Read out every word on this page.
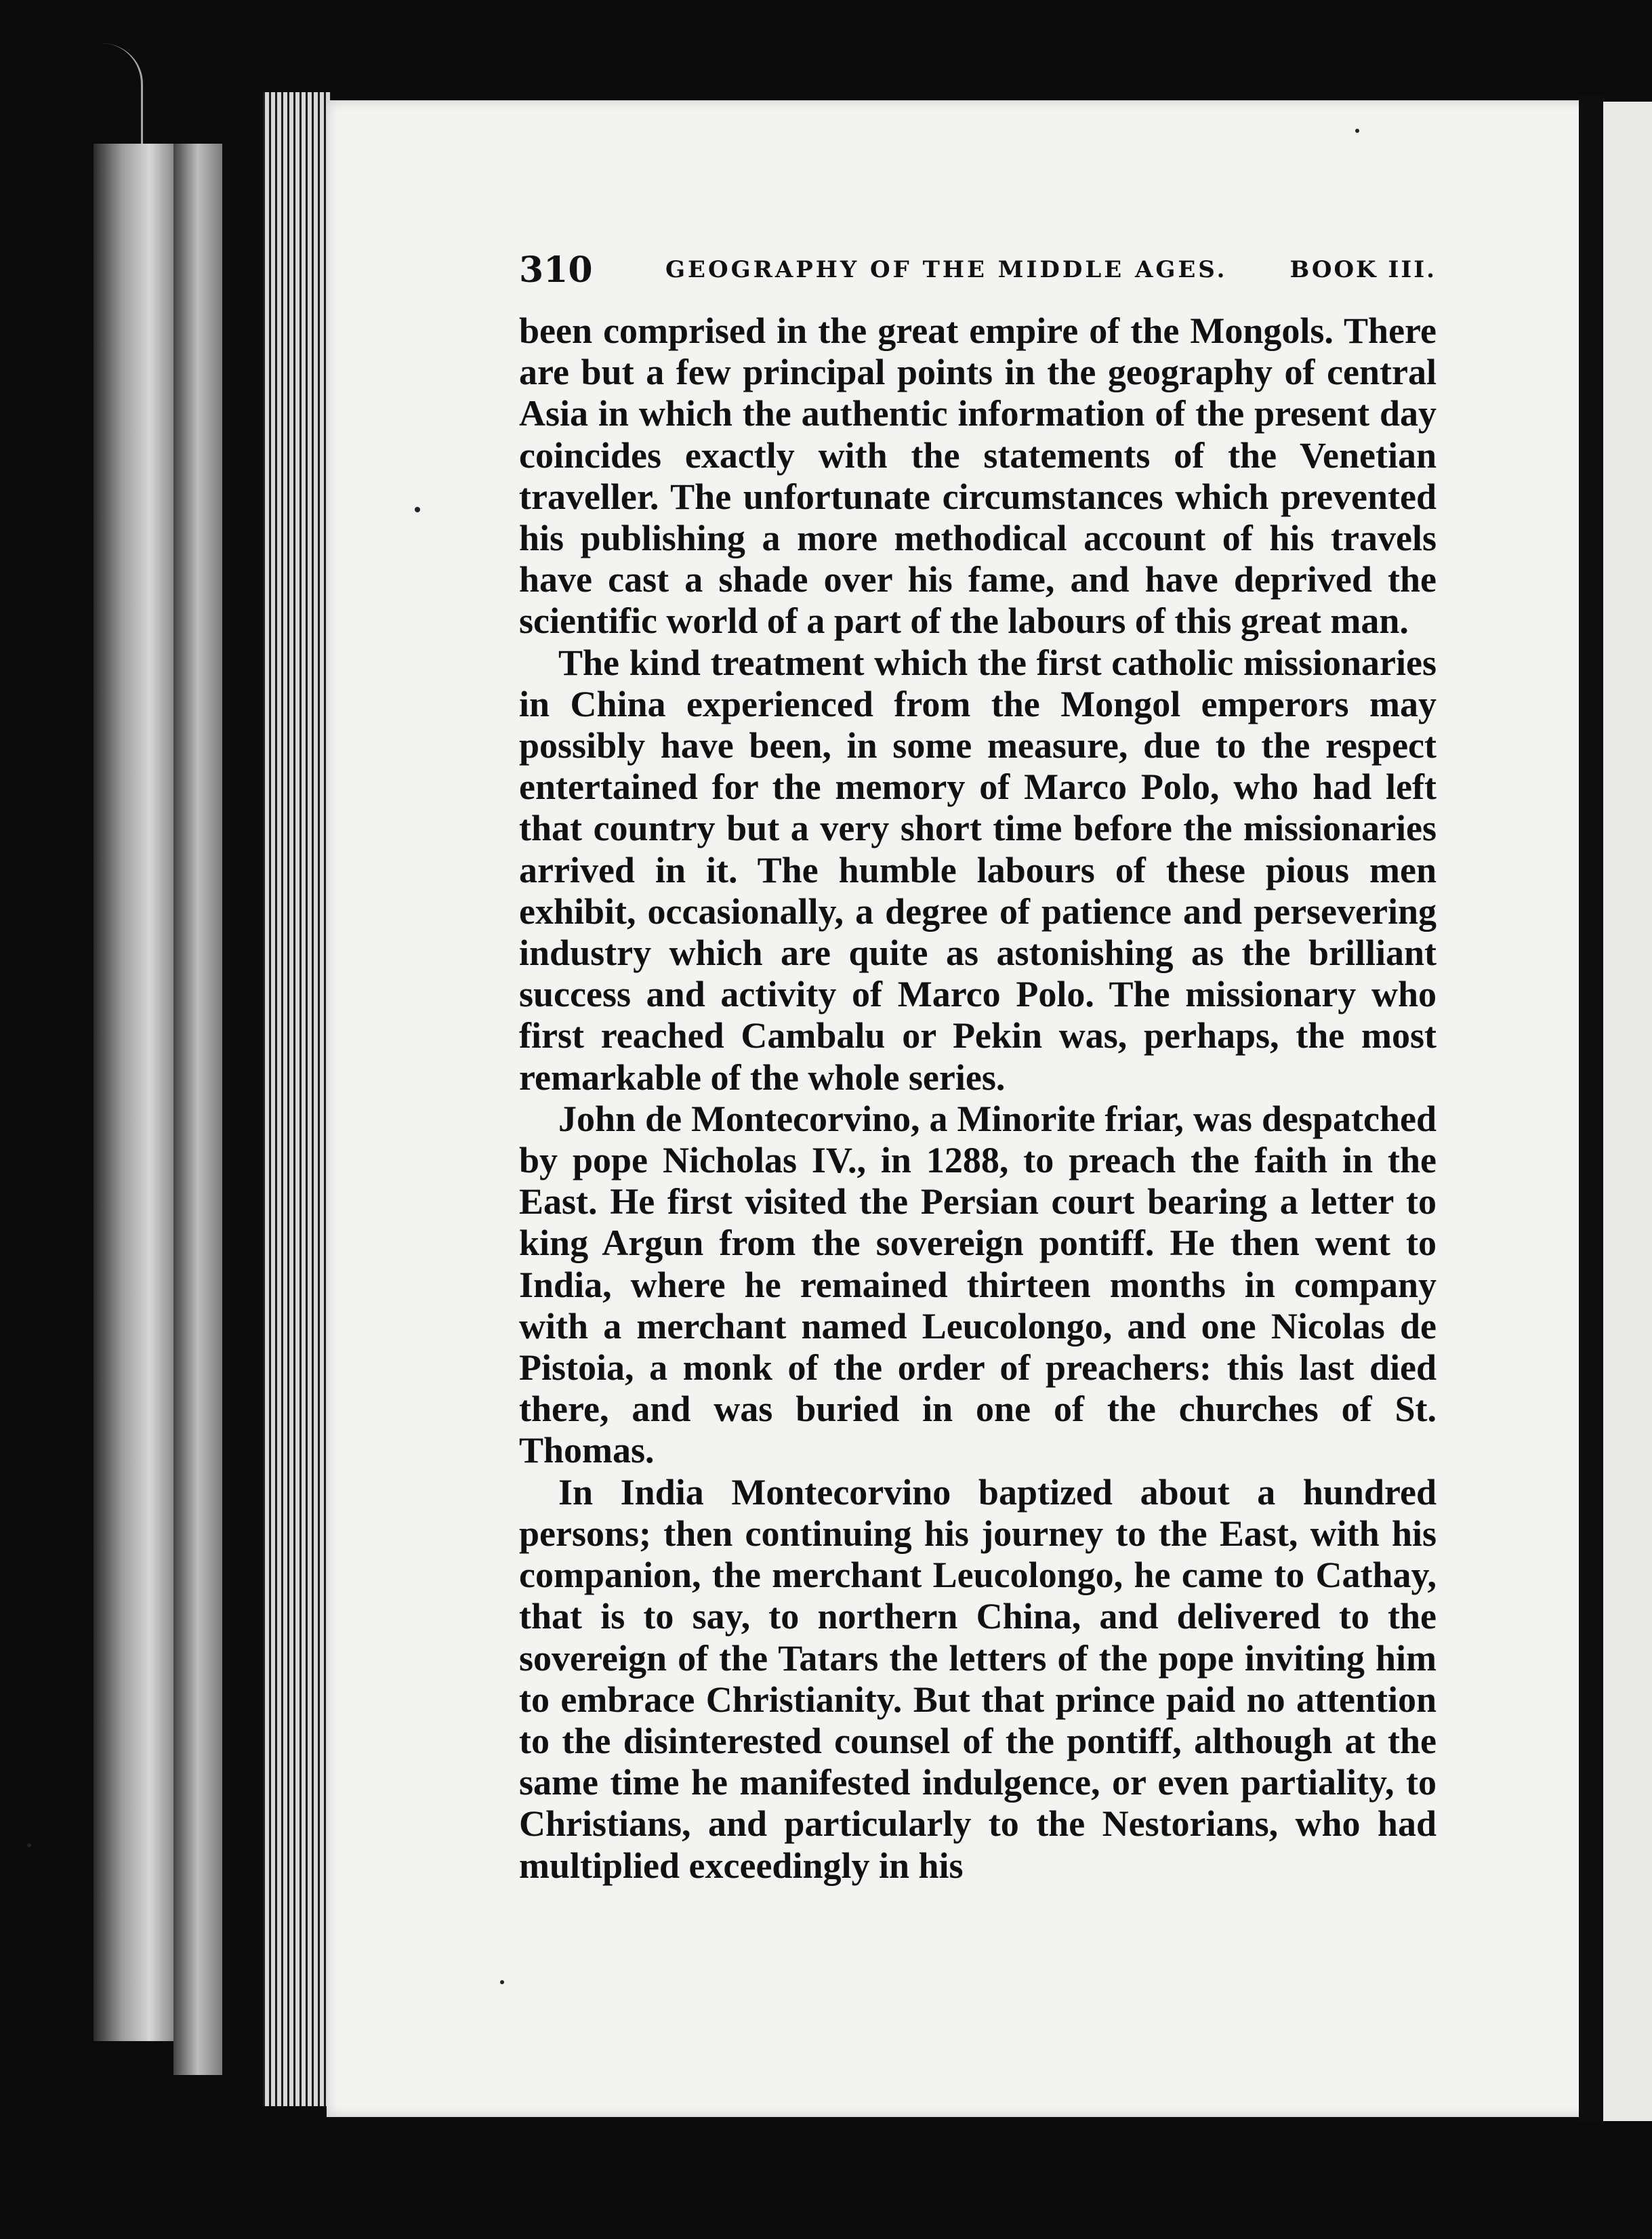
310	GEOGRAPHY OF THE MIDDLE AGES.	BOOK III.

been comprised in the great empire of the Mongols. There are but a few principal points in the geography of central Asia in which the authentic information of the present day coincides exactly with the statements of the Venetian traveller. The unfortunate circumstances which prevented his publishing a more methodical account of his travels have cast a shade over his fame, and have deprived the scientific world of a part of the labours of this great man.

The kind treatment which the first catholic missionaries in China experienced from the Mongol emperors may possibly have been, in some measure, due to the respect entertained for the memory of Marco Polo, who had left that country but a very short time before the missionaries arrived in it. The humble labours of these pious men exhibit, occasionally, a degree of patience and persevering industry which are quite as astonishing as the brilliant success and activity of Marco Polo. The missionary who first reached Cambalu or Pekin was, perhaps, the most remarkable of the whole series.

John de Montecorvino, a Minorite friar, was despatched by pope Nicholas IV., in 1288, to preach the faith in the East. He first visited the Persian court bearing a letter to king Argun from the sovereign pontiff. He then went to India, where he remained thirteen months in company with a merchant named Leucolongo, and one Nicolas de Pistoia, a monk of the order of preachers: this last died there, and was buried in one of the churches of St. Thomas.

In India Montecorvino baptized about a hundred persons; then continuing his journey to the East, with his companion, the merchant Leucolongo, he came to Cathay, that is to say, to northern China, and delivered to the sovereign of the Tatars the letters of the pope inviting him to embrace Christianity. But that prince paid no attention to the disinterested counsel of the pontiff, although at the same time he manifested indulgence, or even partiality, to Christians, and particularly to the Nestorians, who had multiplied exceedingly in his
